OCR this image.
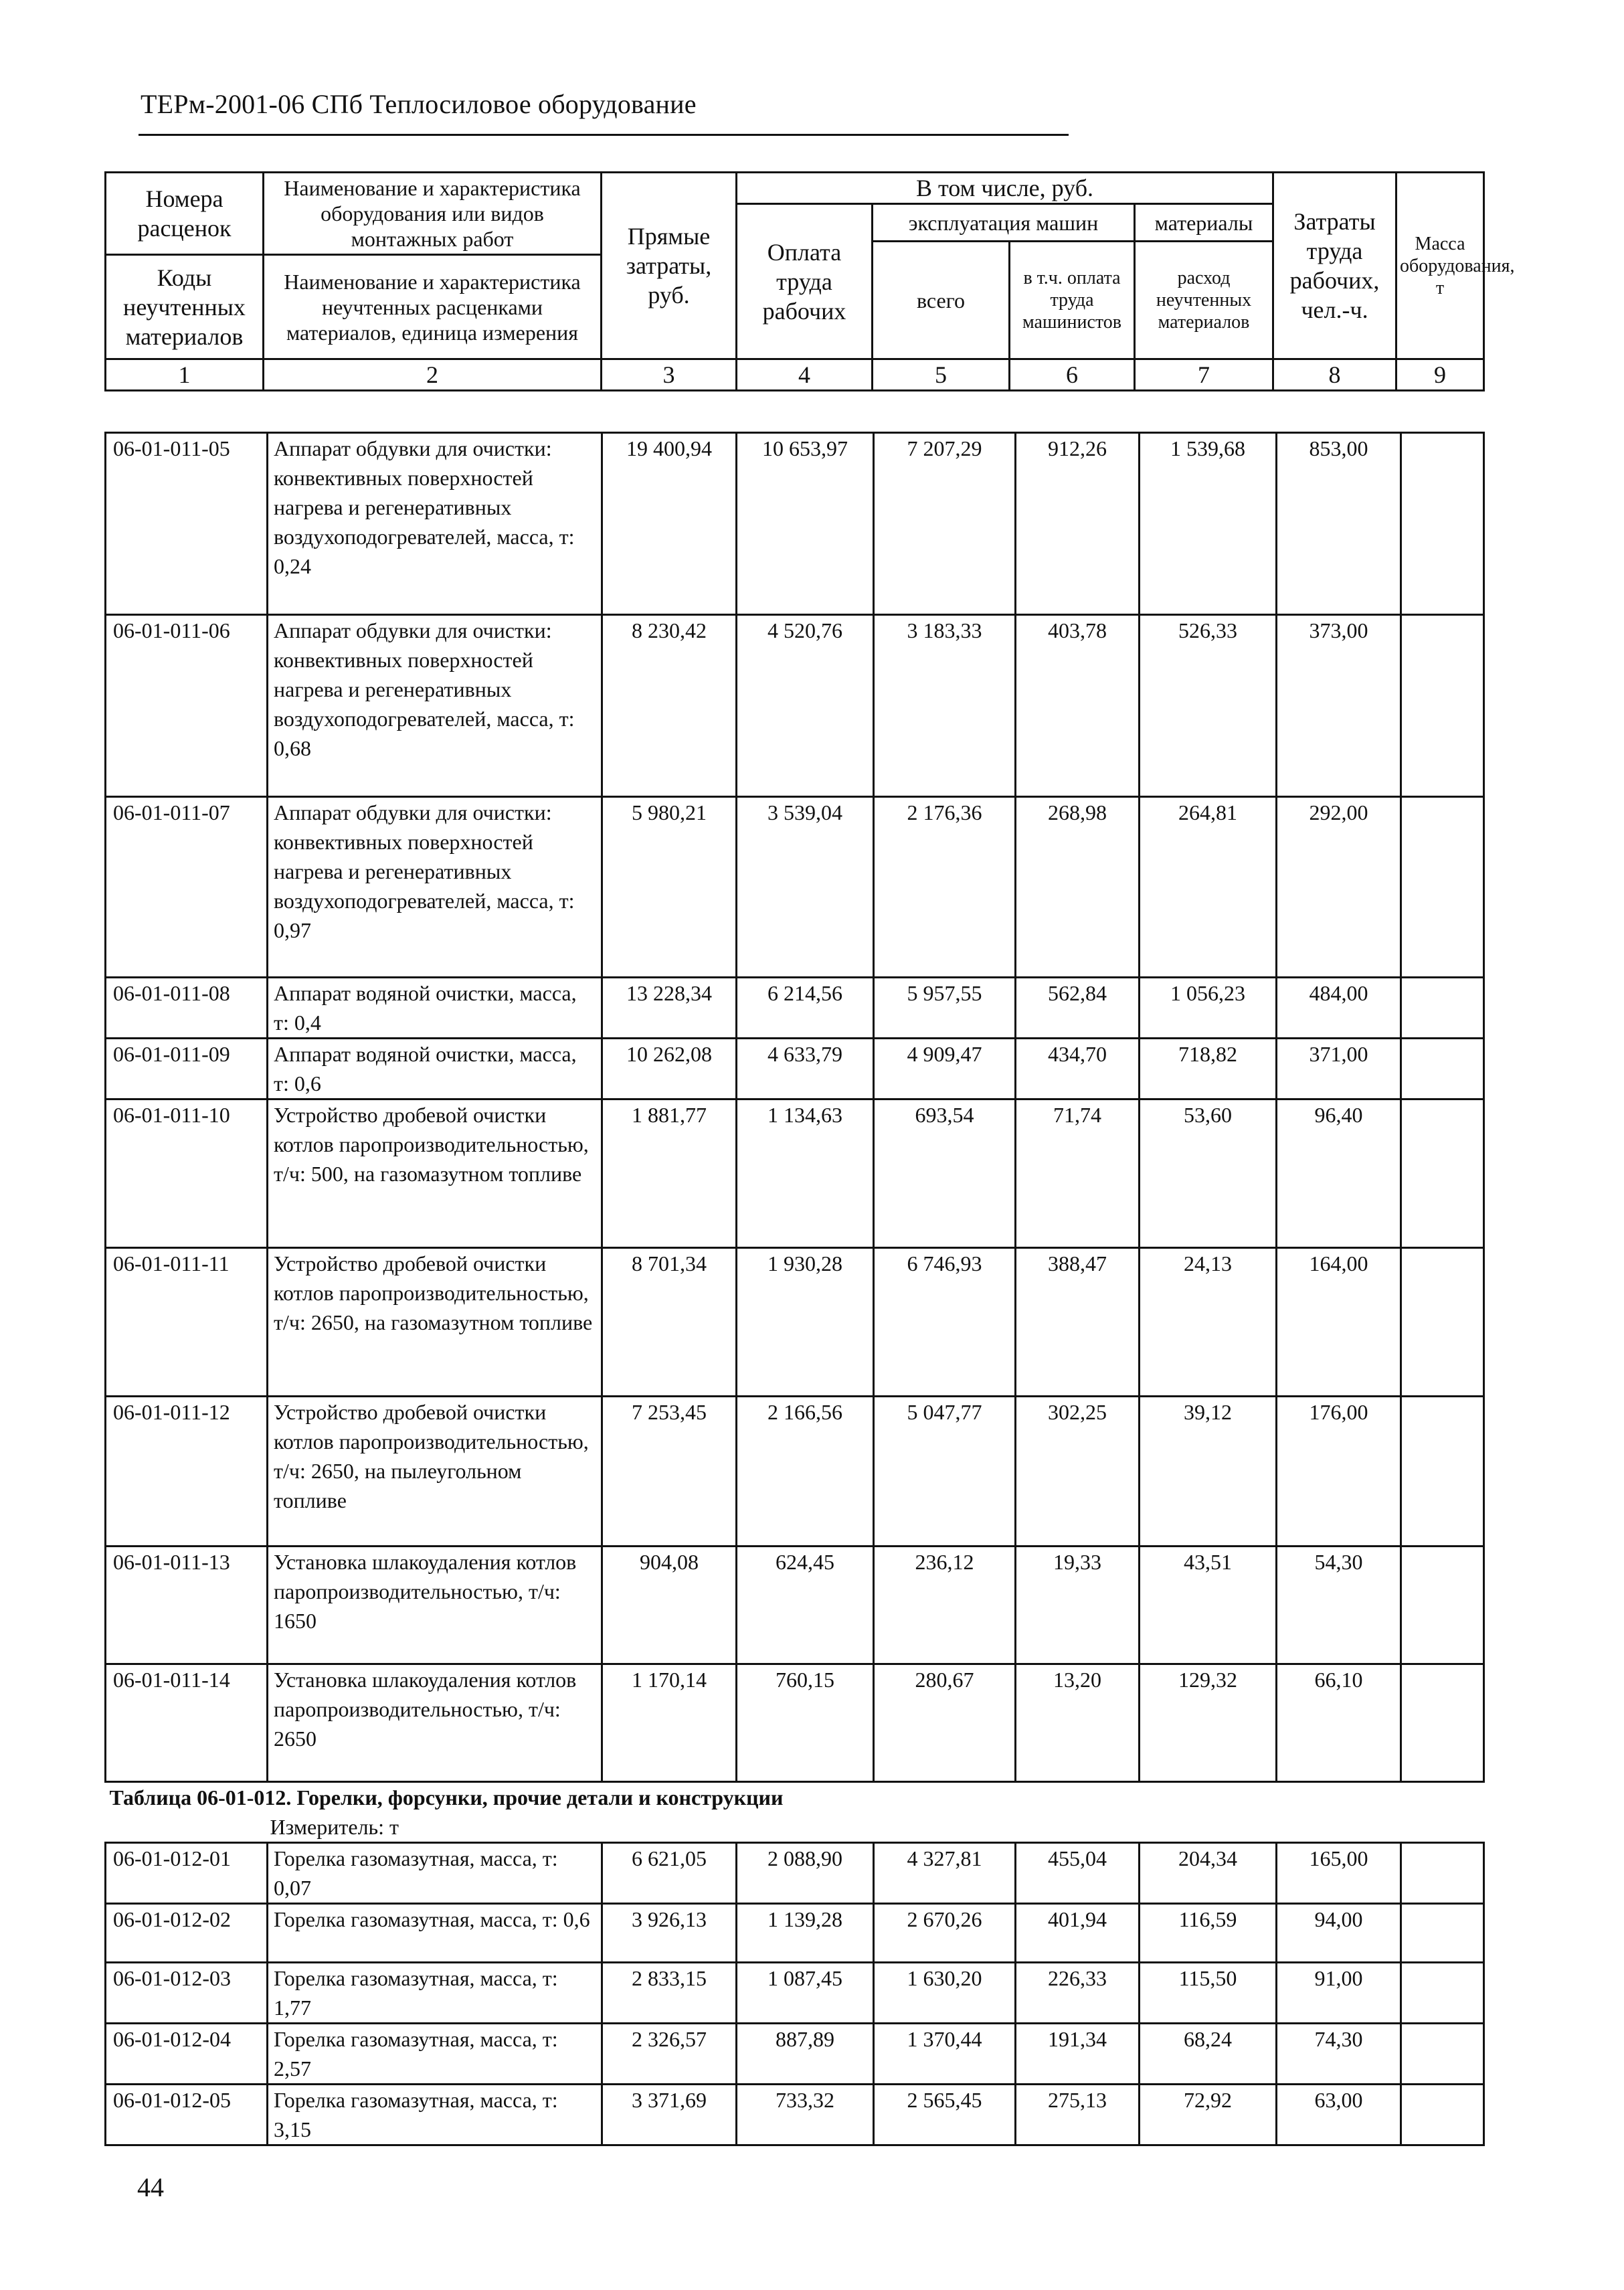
ТЕРм-2001-06 СПб Теплосиловое оборудование
Номера расценок	Наименование и характеристика оборудования или видов монтажных работ	Прямые затраты, руб.	В том числе, руб.				Затраты труда рабочих, чел.-ч.	Масса оборудования, т
			Оплата труда рабочих	эксплуатация машин		материалы		
				всего	в т.ч. оплата труда машинистов	расход неучтенных материалов		
Коды неучтенных материалов	Наименование и характеристика неучтенных расценками материалов, единица измерения							

1	2	3	4	5	6	7	8	9
06-01-011-05	Аппарат обдувки для очистки: конвективных поверхностей нагрева и регенеративных воздухоподогревателей, масса, т: 0,24	19 400,94	10 653,97	7 207,29	912,26	1 539,68	853,00	
06-01-011-06	Аппарат обдувки для очистки: конвективных поверхностей нагрева и регенеративных воздухоподогревателей, масса, т: 0,68	8 230,42	4 520,76	3 183,33	403,78	526,33	373,00	
06-01-011-07	Аппарат обдувки для очистки: конвективных поверхностей нагрева и регенеративных воздухоподогревателей, масса, т: 0,97	5 980,21	3 539,04	2 176,36	268,98	264,81	292,00	
06-01-011-08	Аппарат водяной очистки, масса, т: 0,4	13 228,34	6 214,56	5 957,55	562,84	1 056,23	484,00	
06-01-011-09	Аппарат водяной очистки, масса, т: 0,6	10 262,08	4 633,79	4 909,47	434,70	718,82	371,00	
06-01-011-10	Устройство дробевой очистки котлов паропроизводительностью, т/ч: 500, на газомазутном топливе	1 881,77	1 134,63	693,54	71,74	53,60	96,40	
06-01-011-11	Устройство дробевой очистки котлов паропроизводительностью, т/ч: 2650, на газомазутном топливе	8 701,34	1 930,28	6 746,93	388,47	24,13	164,00	
06-01-011-12	Устройство дробевой очистки котлов паропроизводительностью, т/ч: 2650, на пылеугольном топливе	7 253,45	2 166,56	5 047,77	302,25	39,12	176,00	
06-01-011-13	Установка шлакоудаления котлов паропроизводительностью, т/ч: 1650	904,08	624,45	236,12	19,33	43,51	54,30	
06-01-011-14	Установка шлакоудаления котлов паропроизводительностью, т/ч: 2650	1 170,14	760,15	280,67	13,20	129,32	66,10	

Таблица 06-01-012. Горелки, форсунки, прочие детали и конструкции
Измеритель: т								

06-01-012-01	Горелка газомазутная, масса, т: 0,07	6 621,05	2 088,90	4 327,81	455,04	204,34	165,00	
06-01-012-02	Горелка газомазутная, масса, т: 0,6	3 926,13	1 139,28	2 670,26	401,94	116,59	94,00	
06-01-012-03	Горелка газомазутная, масса, т: 1,77	2 833,15	1 087,45	1 630,20	226,33	115,50	91,00	
06-01-012-04	Горелка газомазутная, масса, т: 2,57	2 326,57	887,89	1 370,44	191,34	68,24	74,30	
06-01-012-05	Горелка газомазутная, масса, т: 3,15	3 371,69	733,32	2 565,45	275,13	72,92	63,00	
44
